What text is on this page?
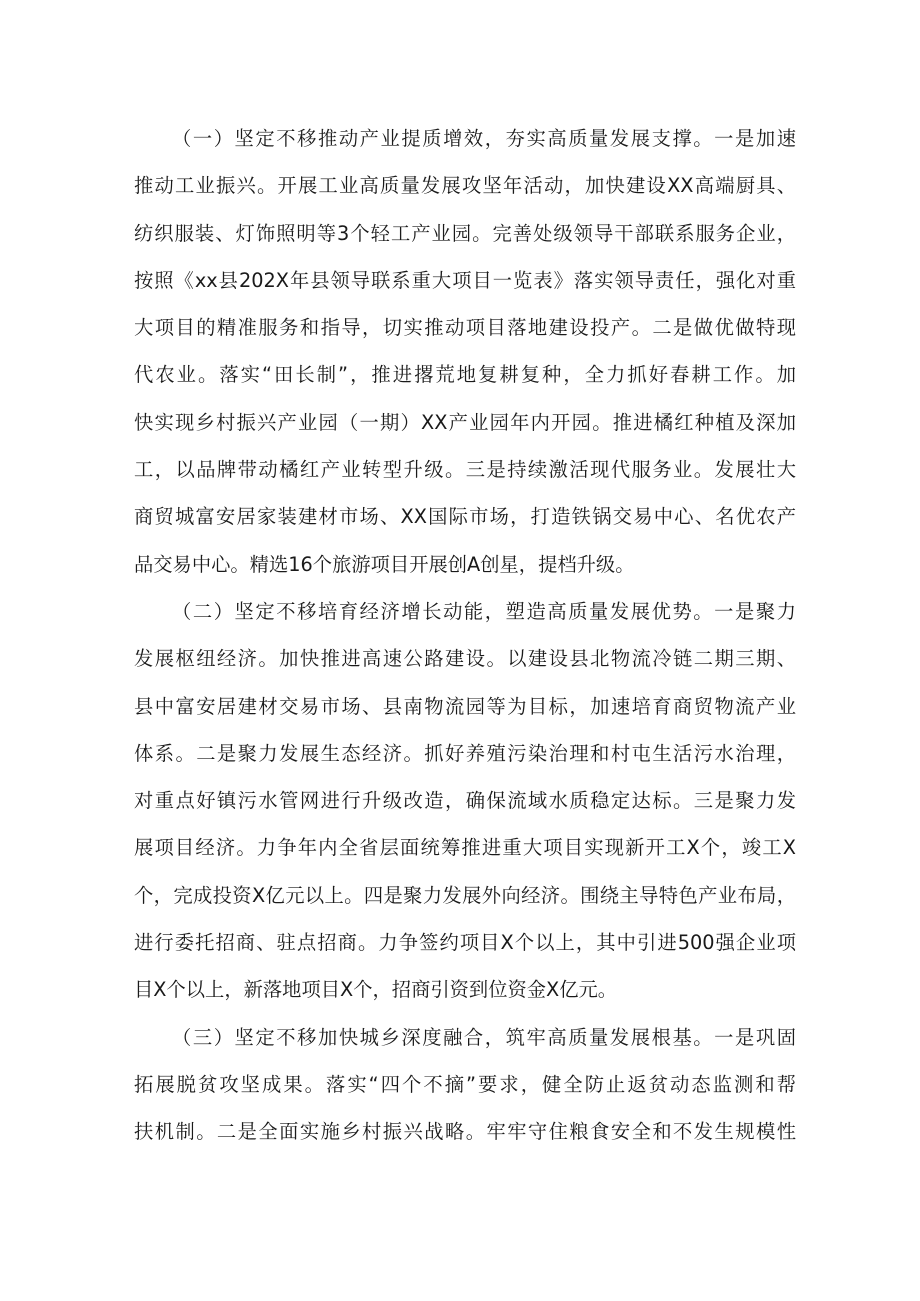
（一）坚定不移推动产业提质增效，夯实高质量发展支撑。一是加速
推动工业振兴。开展工业高质量发展攻坚年活动，加快建设XX高端厨具、
纺织服装、灯饰照明等3个轻工产业园。完善处级领导干部联系服务企业，
按照《xx县202X年县领导联系重大项目一览表》落实领导责任，强化对重
大项目的精准服务和指导，切实推动项目落地建设投产。二是做优做特现
代农业。落实“田长制”，推进撂荒地复耕复种，全力抓好春耕工作。加
快实现乡村振兴产业园（一期）XX产业园年内开园。推进橘红种植及深加
工，以品牌带动橘红产业转型升级。三是持续激活现代服务业。发展壮大
商贸城富安居家装建材市场、XX国际市场，打造铁锅交易中心、名优农产
品交易中心。精选16个旅游项目开展创A创星，提档升级。
（二）坚定不移培育经济增长动能，塑造高质量发展优势。一是聚力
发展枢纽经济。加快推进高速公路建设。以建设县北物流冷链二期三期、
县中富安居建材交易市场、县南物流园等为目标，加速培育商贸物流产业
体系。二是聚力发展生态经济。抓好养殖污染治理和村屯生活污水治理，
对重点好镇污水管网进行升级改造，确保流域水质稳定达标。三是聚力发
展项目经济。力争年内全省层面统筹推进重大项目实现新开工X个，竣工X
个，完成投资X亿元以上。四是聚力发展外向经济。围绕主导特色产业布局，
进行委托招商、驻点招商。力争签约项目X个以上，其中引进500强企业项
目X个以上，新落地项目X个，招商引资到位资金X亿元。
（三）坚定不移加快城乡深度融合，筑牢高质量发展根基。一是巩固
拓展脱贫攻坚成果。落实“四个不摘”要求，健全防止返贫动态监测和帮
扶机制。二是全面实施乡村振兴战略。牢牢守住粮食安全和不发生规模性
